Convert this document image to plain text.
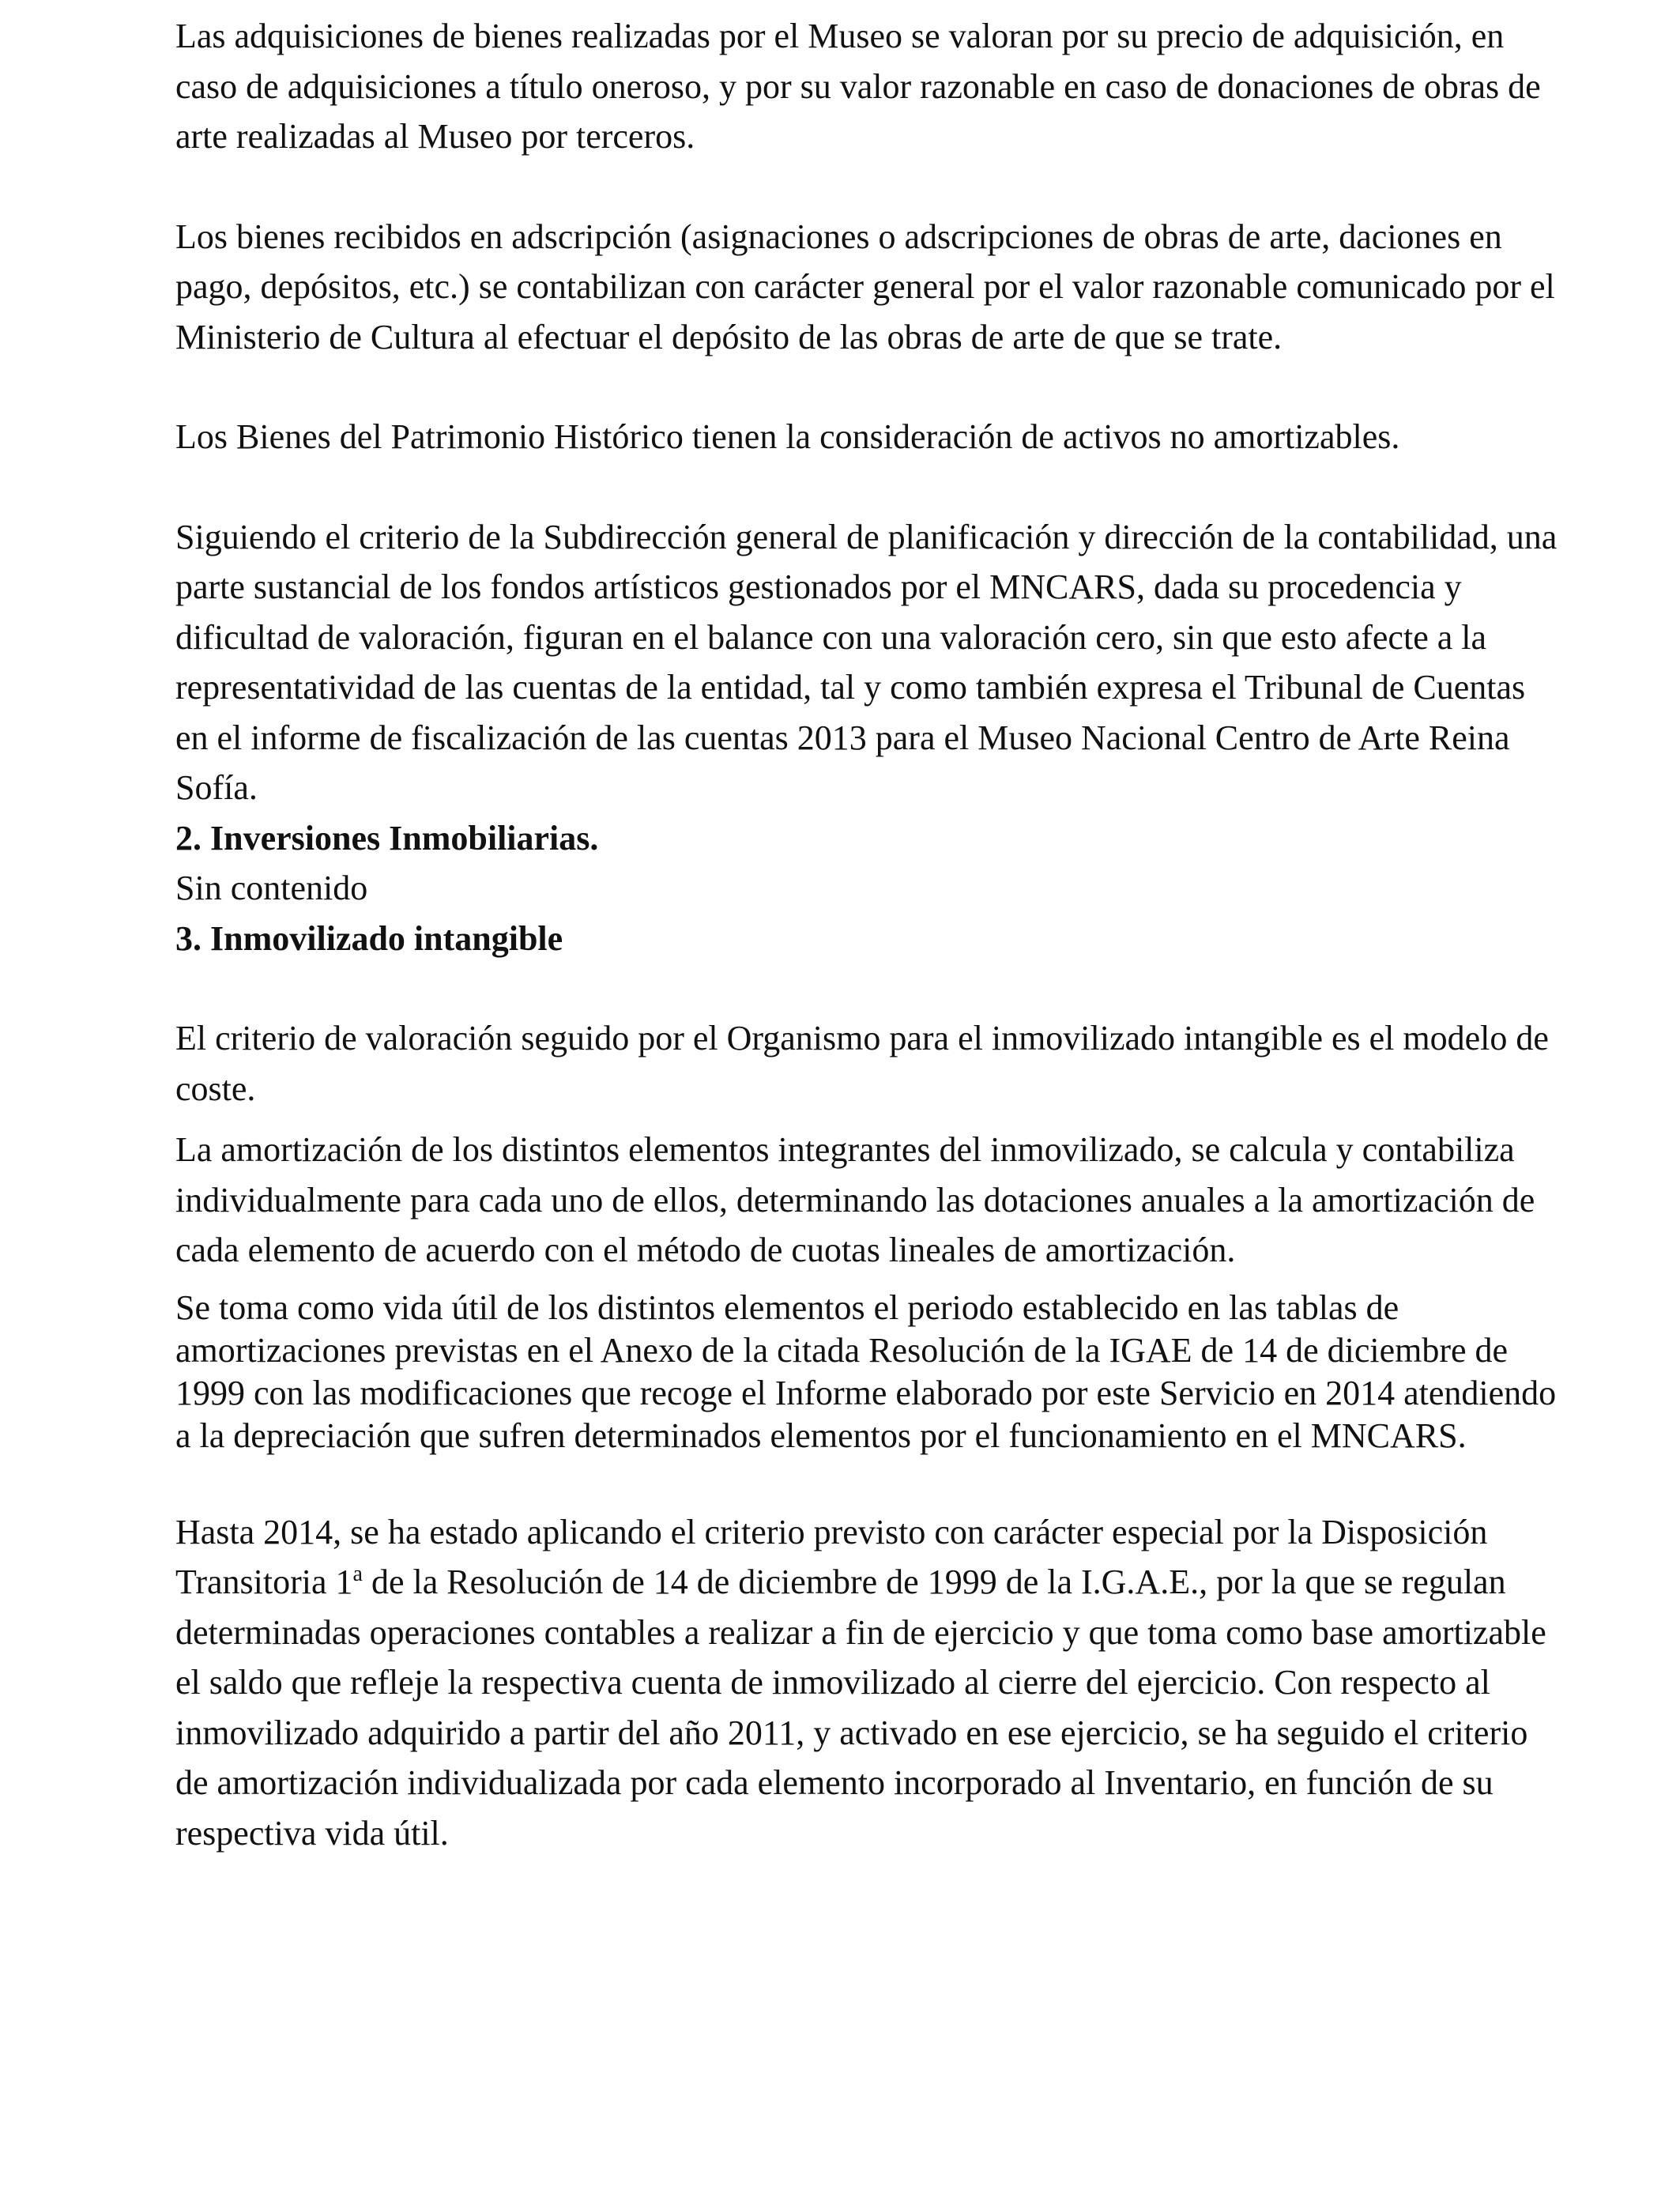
Las adquisiciones de bienes realizadas por el Museo se valoran por su precio de adquisición, en caso de adquisiciones a título oneroso, y por su valor razonable en caso de donaciones de obras de arte realizadas al Museo por terceros.

Los bienes recibidos en adscripción (asignaciones o adscripciones de obras de arte, daciones en pago, depósitos, etc.) se contabilizan con carácter general por el valor razonable comunicado por el Ministerio de Cultura al efectuar el depósito de las obras de arte de que se trate.

Los Bienes del Patrimonio Histórico tienen la consideración de activos no amortizables.

Siguiendo el criterio de la Subdirección general de planificación y dirección de la contabilidad, una parte sustancial de los fondos artísticos gestionados por el MNCARS, dada su procedencia y dificultad de valoración, figuran en el balance con una valoración cero, sin que esto afecte a la representatividad de las cuentas de la entidad, tal y como también expresa el Tribunal de Cuentas en el informe de fiscalización de las cuentas 2013 para el Museo Nacional Centro de Arte Reina Sofía.

2. Inversiones Inmobiliarias.

Sin contenido

3. Inmovilizado intangible

El criterio de valoración seguido por el Organismo para el inmovilizado intangible es el modelo de coste.

La amortización de los distintos elementos integrantes del inmovilizado, se calcula y contabiliza individualmente para cada uno de ellos, determinando las dotaciones anuales a la amortización de cada elemento de acuerdo con el método de cuotas lineales de amortización.

Se toma como vida útil de los distintos elementos el periodo establecido en las tablas de amortizaciones previstas en el Anexo de la citada Resolución de la IGAE de 14 de diciembre de 1999 con las modificaciones que recoge el Informe elaborado por este Servicio en 2014 atendiendo a la depreciación que sufren determinados elementos por el funcionamiento en el MNCARS.

Hasta 2014, se ha estado aplicando el criterio previsto con carácter especial por la Disposición Transitoria 1$^a$ de la Resolución de 14 de diciembre de 1999 de la I.G.A.E., por la que se regulan determinadas operaciones contables a realizar a fin de ejercicio y que toma como base amortizable el saldo que refleje la respectiva cuenta de inmovilizado al cierre del ejercicio. Con respecto al inmovilizado adquirido a partir del año 2011, y activado en ese ejercicio, se ha seguido el criterio de amortización individualizada por cada elemento incorporado al Inventario, en función de su respectiva vida útil.
